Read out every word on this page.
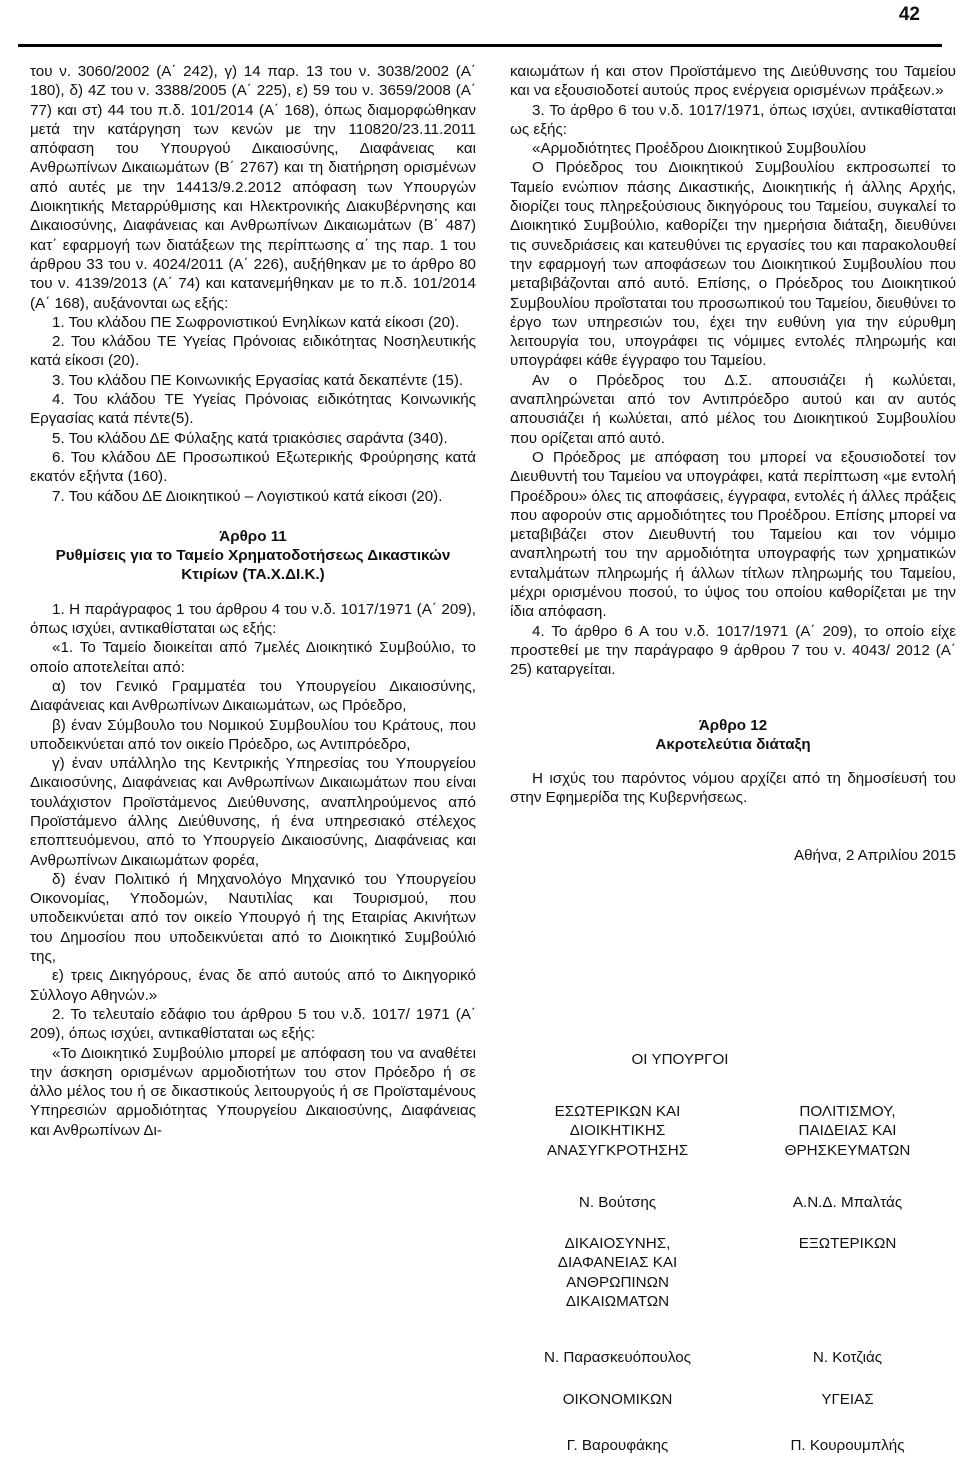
42

του ν. 3060/2002 (Α΄ 242), γ) 14 παρ. 13 του ν. 3038/2002 (Α΄ 180), δ) 4Ζ του ν. 3388/2005 (Α΄ 225), ε) 59 του ν. 3659/2008 (Α΄ 77) και στ) 44 του π.δ. 101/2014 (Α΄ 168), όπως διαμορφώθηκαν μετά την κατάργηση των κενών με την 110820/23.11.2011 απόφαση του Υπουργού Δικαιοσύνης, Διαφάνειας και Ανθρωπίνων Δικαιωμάτων (Β΄ 2767) και τη διατήρηση ορισμένων από αυτές με την 14413/9.2.2012 απόφαση των Υπουργών Διοικητικής Μεταρρύθμισης και Ηλεκτρονικής Διακυβέρνησης και Δικαιοσύνης, Διαφάνειας και Ανθρωπίνων Δικαιωμάτων (Β΄ 487) κατ΄ εφαρμογή των διατάξεων της περίπτωσης α΄ της παρ. 1 του άρθρου 33 του ν. 4024/2011 (Α΄ 226), αυξήθηκαν με το άρθρο 80 του ν. 4139/2013 (Α΄ 74) και κατανεμήθηκαν με το π.δ. 101/2014 (Α΄ 168), αυξάνονται ως εξής:

1. Του κλάδου ΠΕ Σωφρονιστικού Ενηλίκων κατά είκοσι (20).

2. Του κλάδου ΤΕ Υγείας Πρόνοιας ειδικότητας Νοσηλευτικής κατά είκοσι (20).

3. Του κλάδου ΠΕ Κοινωνικής Εργασίας κατά δεκαπέντε (15).

4. Του κλάδου ΤΕ Υγείας Πρόνοιας ειδικότητας Κοινωνικής Εργασίας κατά πέντε(5).

5. Του κλάδου ΔΕ Φύλαξης κατά τριακόσιες σαράντα (340).

6. Του κλάδου ΔΕ Προσωπικού Εξωτερικής Φρούρησης κατά εκατόν εξήντα (160).

7. Του κάδου ΔΕ Διοικητικού – Λογιστικού κατά είκοσι (20).

Άρθρο 11

Ρυθμίσεις για το Ταμείο Χρηματοδοτήσεως Δικαστικών Κτιρίων (ΤΑ.Χ.ΔΙ.Κ.)

1. Η παράγραφος 1 του άρθρου 4 του ν.δ. 1017/1971 (Α΄ 209), όπως ισχύει, αντικαθίσταται ως εξής:

«1. Το Ταμείο διοικείται από 7μελές Διοικητικό Συμβούλιο, το οποίο αποτελείται από:

α) τον Γενικό Γραμματέα του Υπουργείου Δικαιοσύνης, Διαφάνειας και Ανθρωπίνων Δικαιωμάτων, ως Πρόεδρο,

β) έναν Σύμβουλο του Νομικού Συμβουλίου του Κράτους, που υποδεικνύεται από τον οικείο Πρόεδρο, ως Αντιπρόεδρο,

γ) έναν υπάλληλο της Κεντρικής Υπηρεσίας του Υπουργείου Δικαιοσύνης, Διαφάνειας και Ανθρωπίνων Δικαιωμάτων που είναι τουλάχιστον Προϊστάμενος Διεύθυνσης, αναπληρούμενος από Προϊστάμενο άλλης Διεύθυνσης, ή ένα υπηρεσιακό στέλεχος εποπτευόμενου, από το Υπουργείο Δικαιοσύνης, Διαφάνειας και Ανθρωπίνων Δικαιωμάτων φορέα,

δ) έναν Πολιτικό ή Μηχανολόγο Μηχανικό του Υπουργείου Οικονομίας, Υποδομών, Ναυτιλίας και Τουρισμού, που υποδεικνύεται από τον οικείο Υπουργό ή της Εταιρίας Ακινήτων του Δημοσίου που υποδεικνύεται από το Διοικητικό Συμβούλιό της,

ε) τρεις Δικηγόρους, ένας δε από αυτούς από το Δικηγορικό Σύλλογο Αθηνών.»

2. Το τελευταίο εδάφιο του άρθρου 5 του ν.δ. 1017/ 1971 (Α΄ 209), όπως ισχύει, αντικαθίσταται ως εξής:

«Το Διοικητικό Συμβούλιο μπορεί με απόφαση του να αναθέτει την άσκηση ορισμένων αρμοδιοτήτων του στον Πρόεδρο ή σε άλλο μέλος του ή σε δικαστικούς λειτουργούς ή σε Προϊσταμένους Υπηρεσιών αρμοδιότητας Υπουργείου Δικαιοσύνης, Διαφάνειας και Ανθρωπίνων Δι-

καιωμάτων ή και στον Προϊστάμενο της Διεύθυνσης του Ταμείου και να εξουσιοδοτεί αυτούς προς ενέργεια ορισμένων πράξεων.»

3. Το άρθρο 6 του ν.δ. 1017/1971, όπως ισχύει, αντικαθίσταται ως εξής:

«Αρμοδιότητες Προέδρου Διοικητικού Συμβουλίου

Ο Πρόεδρος του Διοικητικού Συμβουλίου εκπροσωπεί το Ταμείο ενώπιον πάσης Δικαστικής, Διοικητικής ή άλλης Αρχής, διορίζει τους πληρεξούσιους δικηγόρους του Ταμείου, συγκαλεί το Διοικητικό Συμβούλιο, καθορίζει την ημερήσια διάταξη, διευθύνει τις συνεδριάσεις και κατευθύνει τις εργασίες του και παρακολουθεί την εφαρμογή των αποφάσεων του Διοικητικού Συμβουλίου που μεταβιβάζονται από αυτό. Επίσης, ο Πρόεδρος του Διοικητικού Συμβουλίου προΐσταται του προσωπικού του Ταμείου, διευθύνει το έργο των υπηρεσιών του, έχει την ευθύνη για την εύρυθμη λειτουργία του, υπογράφει τις νόμιμες εντολές πληρωμής και υπογράφει κάθε έγγραφο του Ταμείου.

Αν ο Πρόεδρος του Δ.Σ. απουσιάζει ή κωλύεται, αναπληρώνεται από τον Αντιπρόεδρο αυτού και αν αυτός απουσιάζει ή κωλύεται, από μέλος του Διοικητικού Συμβουλίου που ορίζεται από αυτό.

Ο Πρόεδρος με απόφαση του μπορεί να εξουσιοδοτεί τον Διευθυντή του Ταμείου να υπογράφει, κατά περίπτωση «με εντολή Προέδρου» όλες τις αποφάσεις, έγγραφα, εντολές ή άλλες πράξεις που αφορούν στις αρμοδιότητες του Προέδρου. Επίσης μπορεί να μεταβιβάζει στον Διευθυντή του Ταμείου και τον νόμιμο αναπληρωτή του την αρμοδιότητα υπογραφής των χρηματικών ενταλμάτων πληρωμής ή άλλων τίτλων πληρωμής του Ταμείου, μέχρι ορισμένου ποσού, το ύψος του οποίου καθορίζεται με την ίδια απόφαση.

4. Το άρθρο 6 Α του ν.δ. 1017/1971 (Α΄ 209), το οποίο είχε προστεθεί με την παράγραφο 9 άρθρου 7 του ν. 4043/ 2012 (Α΄ 25) καταργείται.

Άρθρο 12

Ακροτελεύτια διάταξη

Η ισχύς του παρόντος νόμου αρχίζει από τη δημοσίευσή του στην Εφημερίδα της Κυβερνήσεως.

Αθήνα, 2 Απριλίου 2015

ΟΙ ΥΠΟΥΡΓΟΙ
ΕΣΩΤΕΡΙΚΩΝ ΚΑΙ
ΔΙΟΙΚΗΤΙΚΗΣ
ΑΝΑΣΥΓΚΡΟΤΗΣΗΣ
Ν. Βούτσης
ΠΟΛΙΤΙΣΜΟΥ,
ΠΑΙΔΕΙΑΣ ΚΑΙ
ΘΡΗΣΚΕΥΜΑΤΩΝ
Α.Ν.Δ. Μπαλτάς
ΔΙΚΑΙΟΣΥΝΗΣ,
ΔΙΑΦΑΝΕΙΑΣ ΚΑΙ
ΑΝΘΡΩΠΙΝΩΝ
ΔΙΚΑΙΩΜΑΤΩΝ
Ν. Παρασκευόπουλος
ΕΞΩΤΕΡΙΚΩΝ
Ν. Κοτζιάς
ΟΙΚΟΝΟΜΙΚΩΝ
Γ. Βαρουφάκης
ΥΓΕΙΑΣ
Π. Κουρουμπλής
